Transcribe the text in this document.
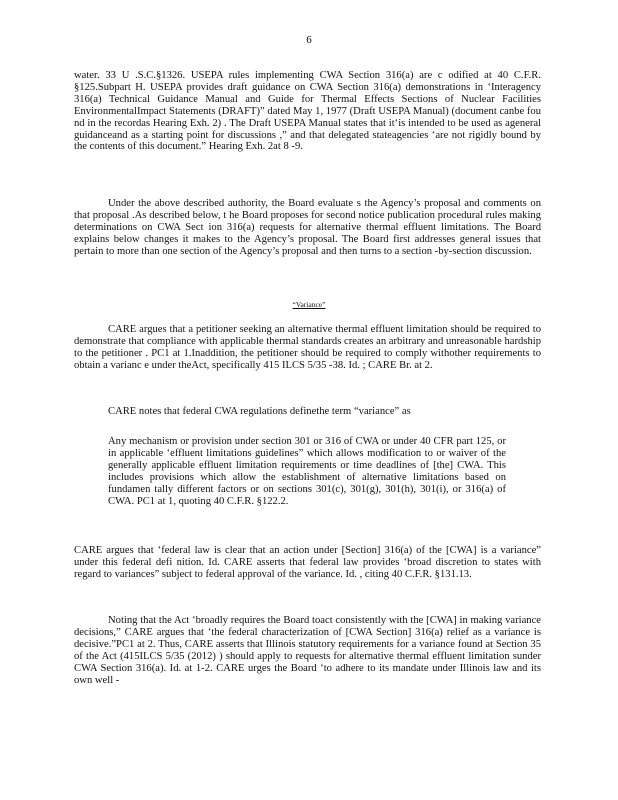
6
water. 33 U .S.C.§1326. USEPA rules implementing CWA Section 316(a) are c odified at 40 C.F.R. §125.Subpart H. USEPA provides draft guidance on CWA Section 316(a) demonstrations in ‘Interagency 316(a) Technical Guidance Manual and Guide for Thermal Effects Sections of Nuclear Facilities EnvironmentalImpact Statements (DRAFT)” dated May 1, 1977 (Draft USEPA Manual) (document canbe fou nd in the recordas Hearing Exh. 2) . The Draft USEPA Manual states that it‘is intended to be used as ageneral guidanceand as a starting point for discussions ,” and that delegated stateagencies ‘are not rigidly bound by the contents of this document.” Hearing Exh. 2at 8 -9.
Under the above described authority, the Board evaluate s the Agency’s proposal and comments on that proposal .As described below, t he Board proposes for second notice publication procedural rules making determinations on CWA Sect ion 316(a) requests for alternative thermal effluent limitations. The Board explains below changes it makes to the Agency’s proposal. The Board first addresses general issues that pertain to more than one section of the Agency’s proposal and then turns to a section -by-section discussion.
“Variance”
CARE argues that a petitioner seeking an alternative thermal effluent limitation should be required to demonstrate that compliance with applicable thermal standards creates an arbitrary and unreasonable hardship to the petitioner . PC1 at 1.Inaddition, the petitioner should be required to comply withother requirements to obtain a varianc e under theAct, specifically 415 ILCS 5/35 -38. Id. ; CARE Br. at 2.
CARE notes that federal CWA regulations definethe term “variance” as
Any mechanism or provision under section 301 or 316 of CWA or under 40 CFR part 125, or in applicable ‘effluent limitations guidelines” which allows modification to or waiver of the generally applicable effluent limitation requirements or time deadlines of [the] CWA. This includes provisions which allow the establishment of alternative limitations based on fundamen tally different factors or on sections 301(c), 301(g), 301(h), 301(i), or 316(a) of CWA. PC1 at 1, quoting 40 C.F.R. §122.2.
CARE argues that ‘federal law is clear that an action under [Section] 316(a) of the [CWA] is a variance” under this federal defi nition. Id. CARE asserts that federal law provides ‘broad discretion to states with regard to variances” subject to federal approval of the variance. Id. , citing 40 C.F.R. §131.13.
Noting that the Act ‘broadly requires the Board toact consistently with the [CWA] in making variance decisions,” CARE argues that ‘the federal characterization of [CWA Section] 316(a) relief as a variance is decisive.”PC1 at 2. Thus, CARE asserts that Illinois statutory requirements for a variance found at Section 35 of the Act (415ILCS 5/35 (2012) ) should apply to requests for alternative thermal effluent limitation sunder CWA Section 316(a). Id. at 1-2. CARE urges the Board ‘to adhere to its mandate under Illinois law and its own well -
